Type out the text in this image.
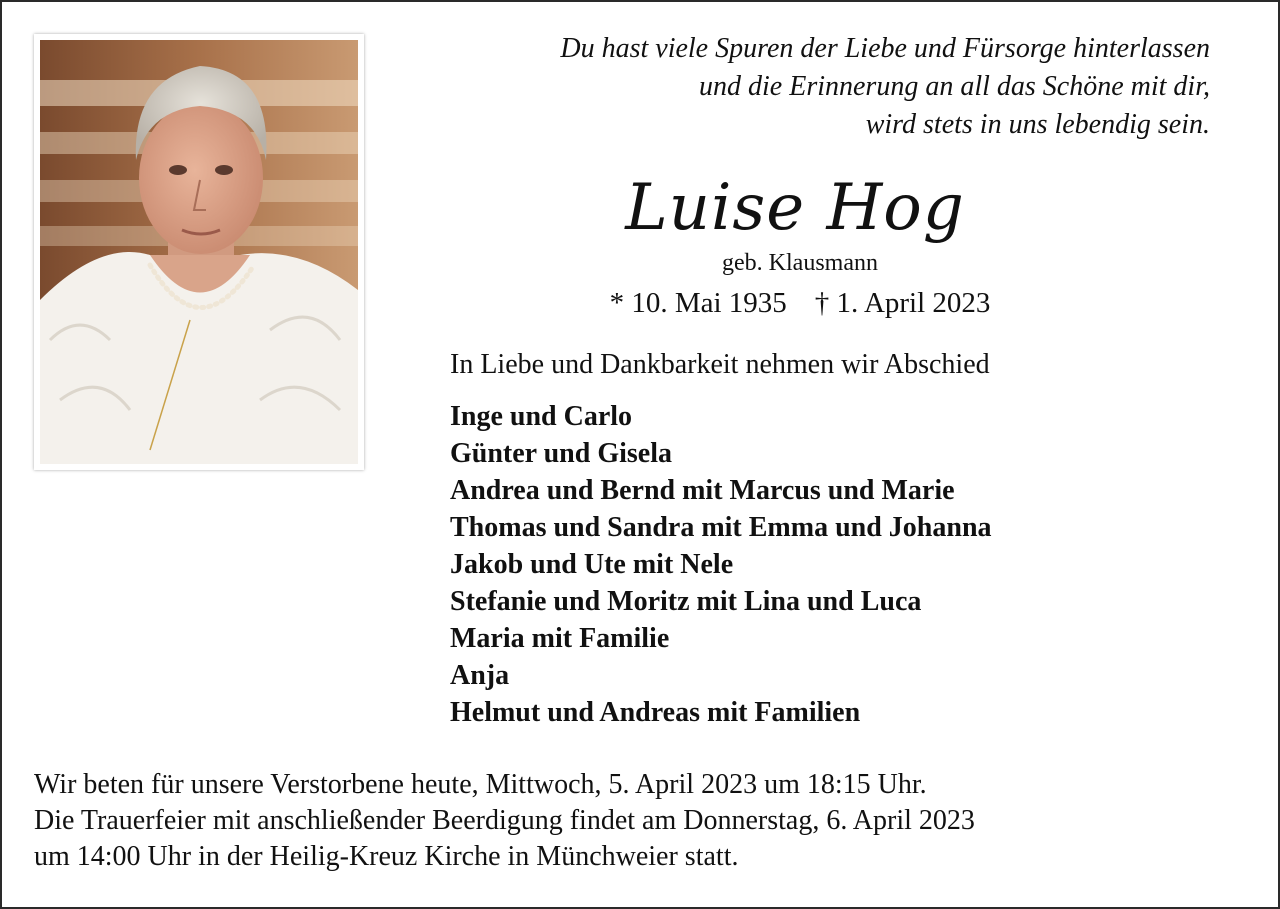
Du hast viele Spuren der Liebe und Fürsorge hinterlassen
und die Erinnerung an all das Schöne mit dir,
wird stets in uns lebendig sein.
Luise Hog
geb. Klausmann
* 10. Mai 1935 † 1. April 2023
In Liebe und Dankbarkeit nehmen wir Abschied
Inge und Carlo
Günter und Gisela
Andrea und Bernd mit Marcus und Marie
Thomas und Sandra mit Emma und Johanna
Jakob und Ute mit Nele
Stefanie und Moritz mit Lina und Luca
Maria mit Familie
Anja
Helmut und Andreas mit Familien
Wir beten für unsere Verstorbene heute, Mittwoch, 5. April 2023 um 18:15 Uhr.
Die Trauerfeier mit anschließender Beerdigung findet am Donnerstag, 6. April 2023
um 14:00 Uhr in der Heilig-Kreuz Kirche in Münchweier statt.
